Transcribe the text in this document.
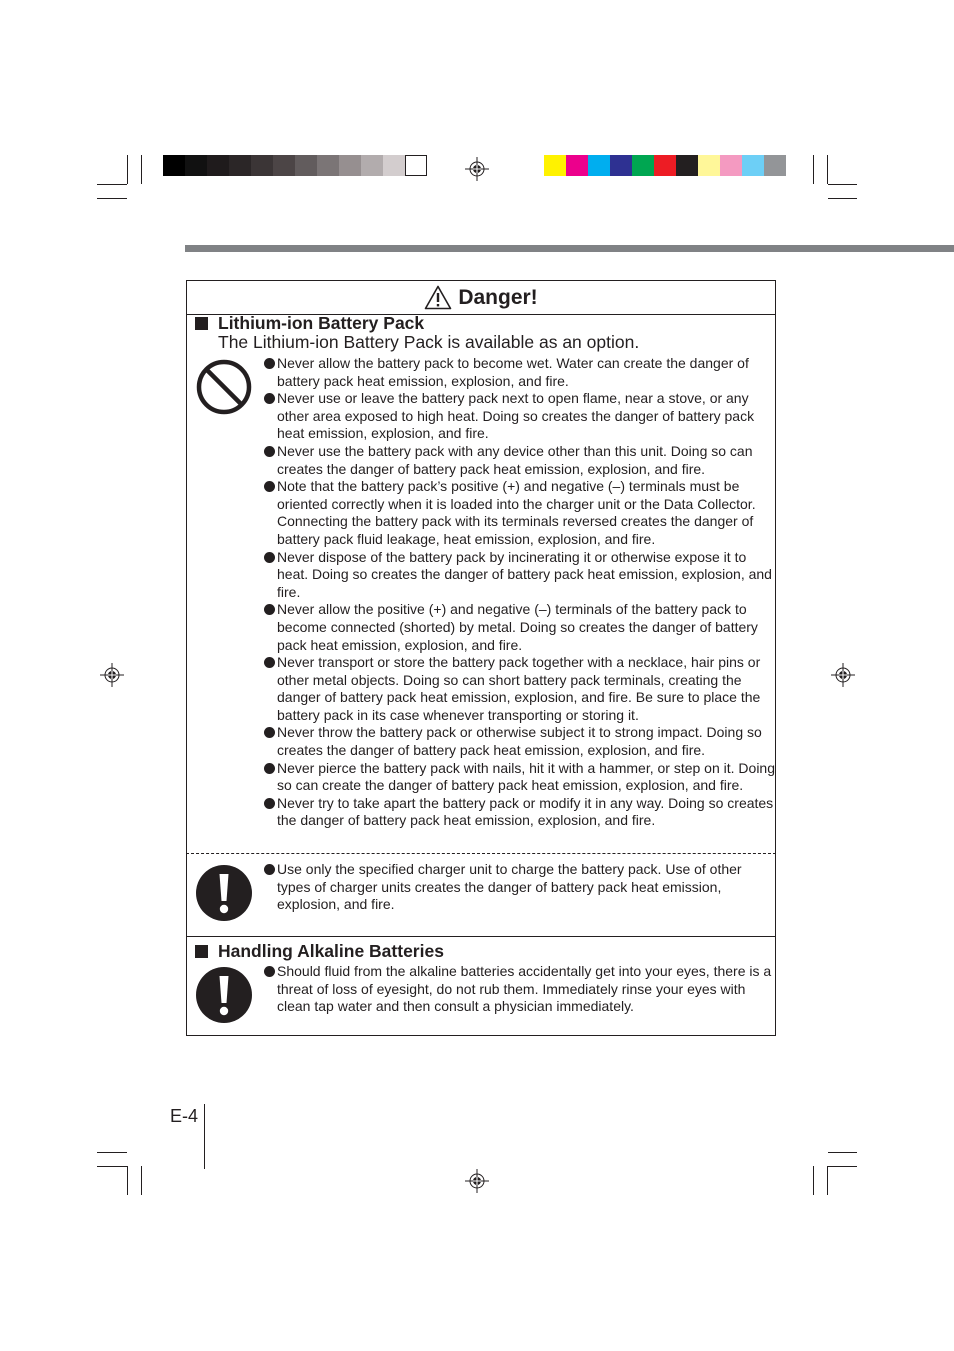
Danger!
Lithium-ion Battery Pack
The Lithium-ion Battery Pack is available as an option.
Never allow the battery pack to become wet. Water can create the danger of battery pack heat emission, explosion, and fire.
Never use or leave the battery pack next to open flame, near a stove, or any other area exposed to high heat. Doing so creates the danger of battery pack heat emission, explosion, and fire.
Never use the battery pack with any device other than this unit. Doing so can creates the danger of battery pack heat emission, explosion, and fire.
Note that the battery pack’s positive (+) and negative (–) terminals must be oriented correctly when it is loaded into the charger unit or the Data Collector. Connecting the battery pack with its terminals reversed creates the danger of battery pack fluid leakage, heat emission, explosion, and fire.
Never dispose of the battery pack by incinerating it or otherwise expose it to heat. Doing so creates the danger of battery pack heat emission, explosion, and fire.
Never allow the positive (+) and negative (–) terminals of the battery pack to become connected (shorted) by metal. Doing so creates the danger of battery pack heat emission, explosion, and fire.
Never transport or store the battery pack together with a necklace, hair pins or other metal objects. Doing so can short battery pack terminals, creating the danger of battery pack heat emission, explosion, and fire. Be sure to place the battery pack in its case whenever transporting or storing it.
Never throw the battery pack or otherwise subject it to strong impact. Doing so creates the danger of battery pack heat emission, explosion, and fire.
Never pierce the battery pack with nails, hit it with a hammer, or step on it. Doing so can create the danger of battery pack heat emission, explosion, and fire.
Never try to take apart the battery pack or modify it in any way. Doing so creates the danger of battery pack heat emission, explosion, and fire.
Use only the specified charger unit to charge the battery pack. Use of other types of charger units creates the danger of battery pack heat emission, explosion, and fire.
Handling Alkaline Batteries
Should fluid from the alkaline batteries accidentally get into your eyes, there is a threat of loss of eyesight, do not rub them. Immediately rinse your eyes with clean tap water and then consult a physician immediately.
E-4
